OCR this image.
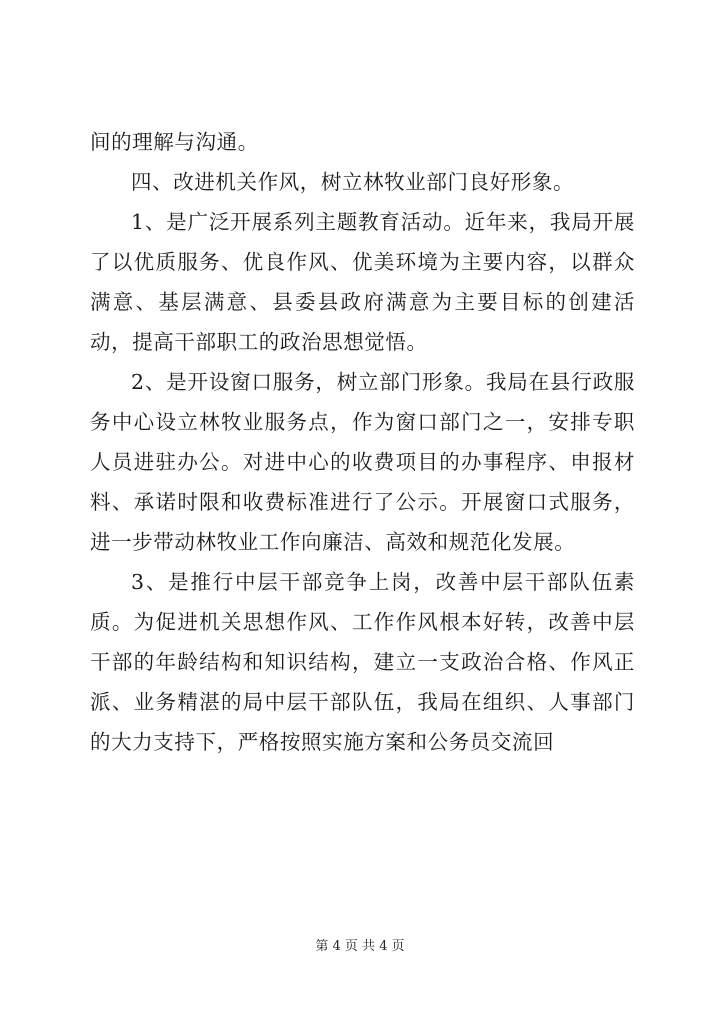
间的理解与沟通。

四、改进机关作风，树立林牧业部门良好形象。

1、是广泛开展系列主题教育活动。近年来，我局开展了以优质服务、优良作风、优美环境为主要内容，以群众满意、基层满意、县委县政府满意为主要目标的创建活动，提高干部职工的政治思想觉悟。

2、是开设窗口服务，树立部门形象。我局在县行政服务中心设立林牧业服务点，作为窗口部门之一，安排专职人员进驻办公。对进中心的收费项目的办事程序、申报材料、承诺时限和收费标准进行了公示。开展窗口式服务，进一步带动林牧业工作向廉洁、高效和规范化发展。

3、是推行中层干部竞争上岗，改善中层干部队伍素质。为促进机关思想作风、工作作风根本好转，改善中层干部的年龄结构和知识结构，建立一支政治合格、作风正派、业务精湛的局中层干部队伍，我局在组织、人事部门的大力支持下，严格按照实施方案和公务员交流回

第 4 页 共 4 页
